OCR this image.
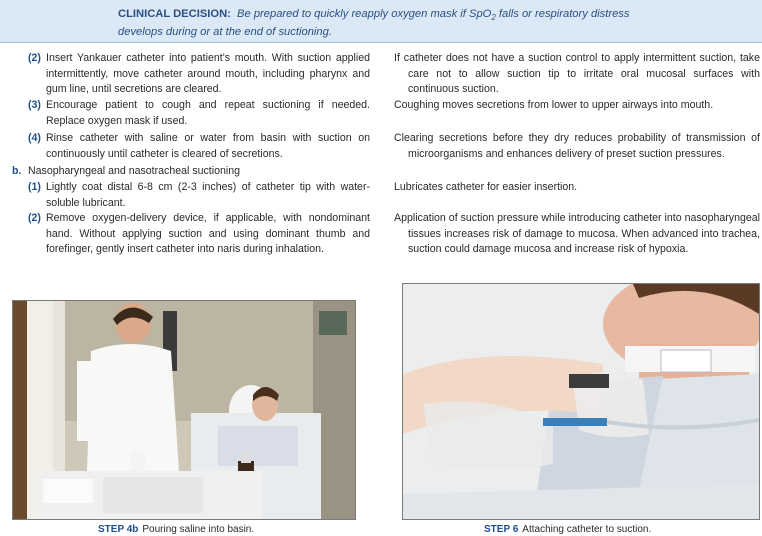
CLINICAL DECISION: Be prepared to quickly reapply oxygen mask if SpO$_2$ falls or respiratory distress develops during or at the end of suctioning.
(2) Insert Yankauer catheter into patient's mouth. With suction applied intermittently, move catheter around mouth, including pharynx and gum line, until secretions are cleared.
If catheter does not have a suction control to apply intermittent suction, take care not to allow suction tip to irritate oral mucosal surfaces with continuous suction.
(3) Encourage patient to cough and repeat suctioning if needed. Replace oxygen mask if used.
Coughing moves secretions from lower to upper airways into mouth.
(4) Rinse catheter with saline or water from basin with suction on continuously until catheter is cleared of secretions.
Clearing secretions before they dry reduces probability of transmission of microorganisms and enhances delivery of preset suction pressures.
b. Nasopharyngeal and nasotracheal suctioning
(1) Lightly coat distal 6-8 cm (2-3 inches) of catheter tip with water-soluble lubricant.
Lubricates catheter for easier insertion.
(2) Remove oxygen-delivery device, if applicable, with nondominant hand. Without applying suction and using dominant thumb and forefinger, gently insert catheter into naris during inhalation.
Application of suction pressure while introducing catheter into nasopharyngeal tissues increases risk of damage to mucosa. When advanced into trachea, suction could damage mucosa and increase risk of hypoxia.
STEP 4b Pouring saline into basin.	STEP 6 Attaching catheter to suction.
